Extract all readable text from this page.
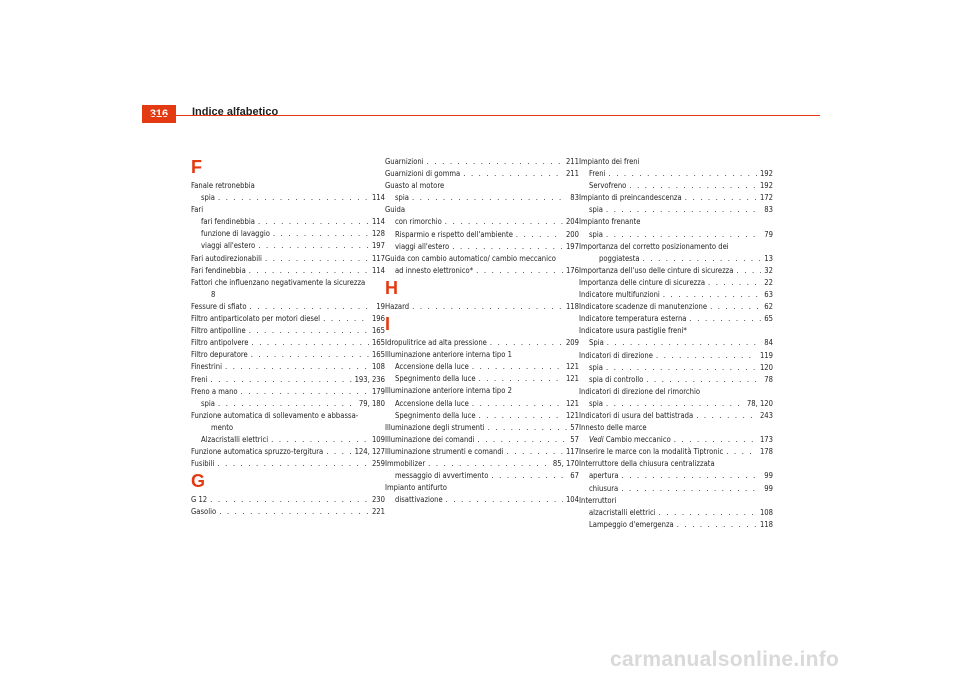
316	Indice alfabetico
F
Fanale retronebbia
spia . . .	114
Fari
fari fendinebbia . . .	114
funzione di lavaggio . . .	128
viaggi all'estero . . .	197
Fari autodirezionabili . . .	117
Fari fendinebbia . . .	114
Fattori che influenzano negativamente la sicurezza
8
Fessure di sfiato . . .	19
Filtro antiparticolato per motori diesel . . .	196
Filtro antipolline . . .	165
Filtro antipolvere . . .	165
Filtro depuratore . . .	165
Finestrini . . .	108
Freni . . .	193, 236
Freno a mano . . .	179
spia . . .	79, 180
Funzione automatica di sollevamento e abbassa-
mento
Alzacristalli elettrici . . .	109
Funzione automatica spruzzo-tergitura . . .	124, 127
Fusibili . . .	259
G
G 12 . . .	230
Gasolio . . .	221
Guarnizioni . . .	211
Guarnizioni di gomma . . .	211
Guasto al motore
spia . . .	83
Guida
con rimorchio . . .	204
Risparmio e rispetto dell'ambiente . . .	200
viaggi all'estero . . .	197
Guida con cambio automatico/ cambio meccanico
ad innesto elettronico* . . .	176
H
Hazard . . .	118
I
Idropulitrice ad alta pressione . . .	209
Illuminazione anteriore interna tipo 1
Accensione della luce . . .	121
Spegnimento della luce . . .	121
Illuminazione anteriore interna tipo 2
Accensione della luce . . .	121
Spegnimento della luce . . .	121
Illuminazione degli strumenti . . .	57
Illuminazione dei comandi . . .	57
Illuminazione strumenti e comandi . . .	117
Immobilizer . . .	85, 170
messaggio di avvertimento . . .	67
Impianto antifurto
disattivazione . . .	104
Impianto dei freni
Freni . . .	192
Servofreno . . .	192
Impianto di preincandescenza . . .	172
spia . . .	83
Impianto frenante
spia . . .	79
Importanza del corretto posizionamento dei
poggiatesta . . .	13
Importanza dell'uso delle cinture di sicurezza . . .	32
Importanza delle cinture di sicurezza . . .	22
Indicatore multifunzioni . . .	63
Indicatore scadenze di manutenzione . . .	62
Indicatore temperatura esterna . . .	65
Indicatore usura pastiglie freni*
Spia . . .	84
Indicatori di direzione . . .	119
spia . . .	120
spia di controllo . . .	78
Indicatori di direzione del rimorchio
spia . . .	78, 120
Indicatori di usura del battistrada . . .	243
Innesto delle marce
Vedi Cambio meccanico . . .	173
Inserire le marce con la modalità Tiptronic . . .	178
Interruttore della chiusura centralizzata
apertura . . .	99
chiusura . . .	99
Interruttori
alzacristalli elettrici . . .	108
Lampeggio d'emergenza . . .	118
carmanualsonline.info
